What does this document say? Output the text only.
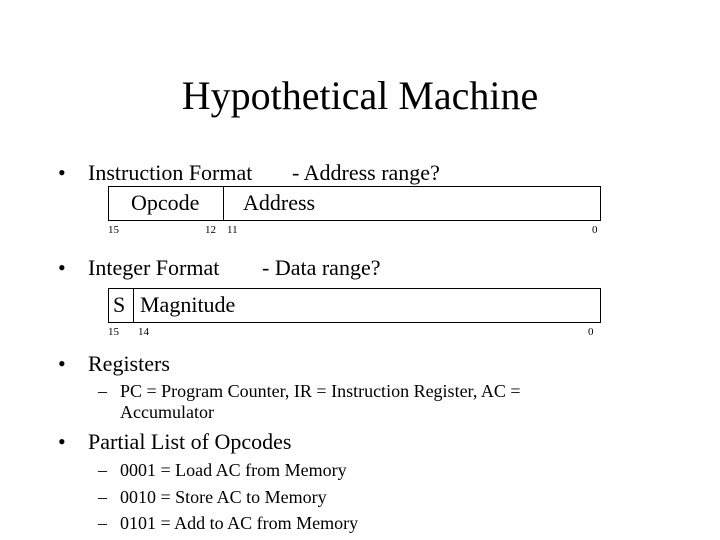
Hypothetical Machine
• Instruction Format - Address range?
Opcode Address
15	12 11	0
• Integer Format - Data range?
S Magnitude
15 14	0
• Registers
– PC = Program Counter, IR = Instruction Register, AC = Accumulator
• Partial List of Opcodes
– 0001 = Load AC from Memory
– 0010 = Store AC to Memory
– 0101 = Add to AC from Memory
